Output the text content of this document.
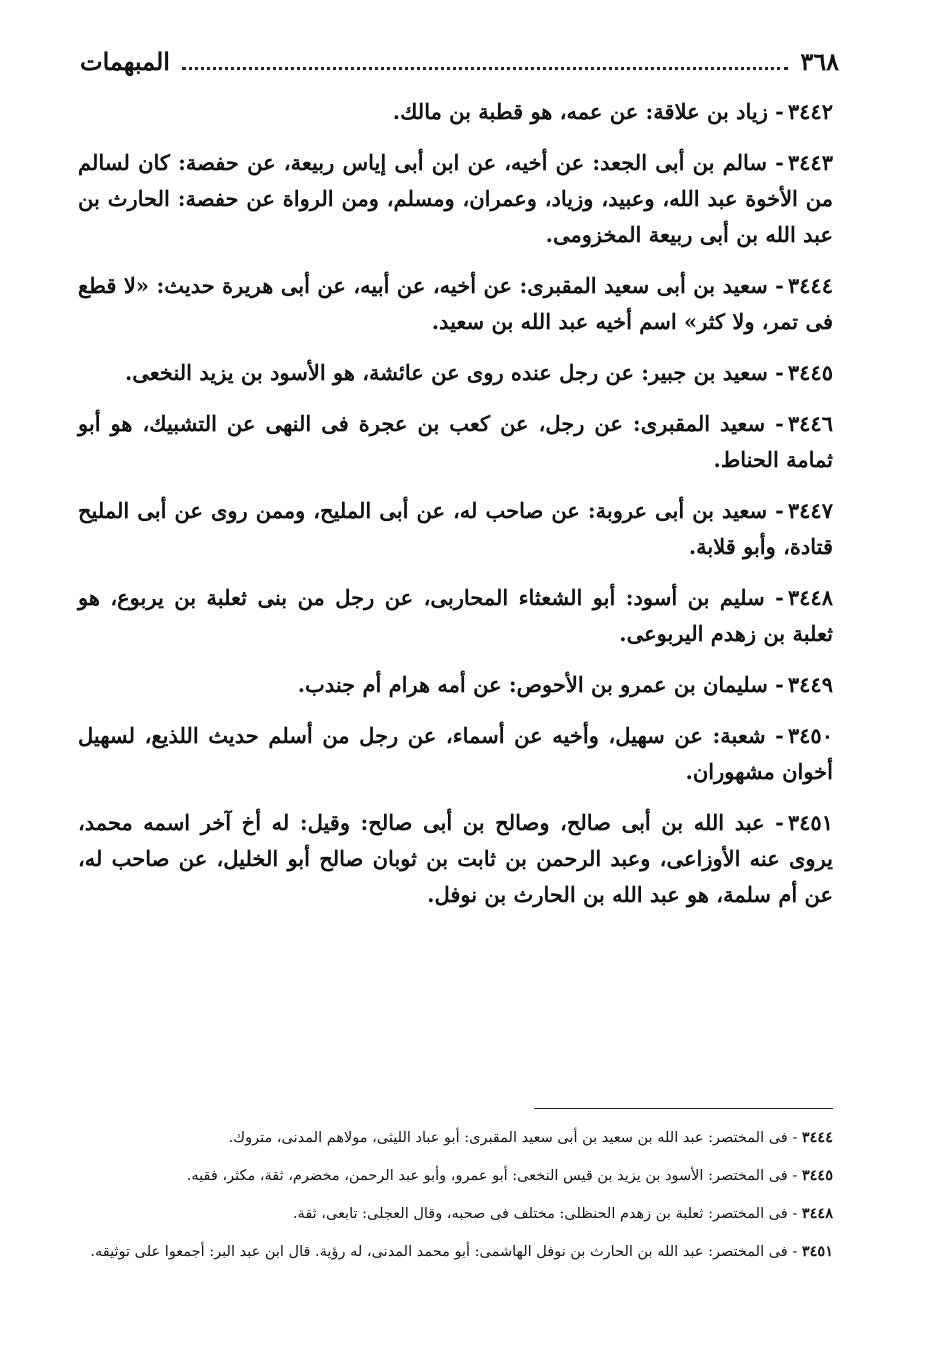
٣٦٨
المبهمات

٣٤٤٢- زياد بن علاقة: عن عمه، هو قطبة بن مالك.

٣٤٤٣- سالم بن أبى الجعد: عن أخيه، عن ابن أبى إياس ربيعة، عن حفصة: كان لسالم من الأخوة عبد الله، وعبيد، وزياد، وعمران، ومسلم، ومن الرواة عن حفصة: الحارث بن عبد الله بن أبى ربيعة المخزومى.

٣٤٤٤- سعيد بن أبى سعيد المقبرى: عن أخيه، عن أبيه، عن أبى هريرة حديث: «لا قطع فى تمر، ولا كثر» اسم أخيه عبد الله بن سعيد.

٣٤٤٥- سعيد بن جبير: عن رجل عنده روى عن عائشة، هو الأسود بن يزيد النخعى.

٣٤٤٦- سعيد المقبرى: عن رجل، عن كعب بن عجرة فى النهى عن التشبيك، هو أبو ثمامة الحناط.

٣٤٤٧- سعيد بن أبى عروبة: عن صاحب له، عن أبى المليح، وممن روى عن أبى المليح قتادة، وأبو قلابة.

٣٤٤٨- سليم بن أسود: أبو الشعثاء المحاربى، عن رجل من بنى ثعلبة بن يربوع، هو ثعلبة بن زهدم اليربوعى.

٣٤٤٩- سليمان بن عمرو بن الأحوص: عن أمه هرام أم جندب.

٣٤٥٠- شعبة: عن سهيل، وأخيه عن أسماء، عن رجل من أسلم حديث اللذيع، لسهيل أخوان مشهوران.

٣٤٥١- عبد الله بن أبى صالح، وصالح بن أبى صالح: وقيل: له أخ آخر اسمه محمد، يروى عنه الأوزاعى، وعبد الرحمن بن ثابت بن ثوبان صالح أبو الخليل، عن صاحب له، عن أم سلمة، هو عبد الله بن الحارث بن نوفل.

٣٤٤٤ - فى المختصر: عبد الله بن سعيد بن أبى سعيد المقبرى: أبو عباد الليثى، مولاهم المدنى، متروك.

٣٤٤٥ - فى المختصر: الأسود بن يزيد بن قيس النخعى: أبو عمرو، وأبو عبد الرحمن، مخضرم، ثقة، مكثر، فقيه.

٣٤٤٨ - فى المختصر: ثعلبة بن زهدم الحنظلى: مختلف فى صحبه، وقال العجلى: تابعى، ثقة.

٣٤٥١ - فى المختصر: عبد الله بن الحارث بن نوفل الهاشمى: أبو محمد المدنى، له رؤية. قال ابن عبد البر: أجمعوا على توثيقه.
